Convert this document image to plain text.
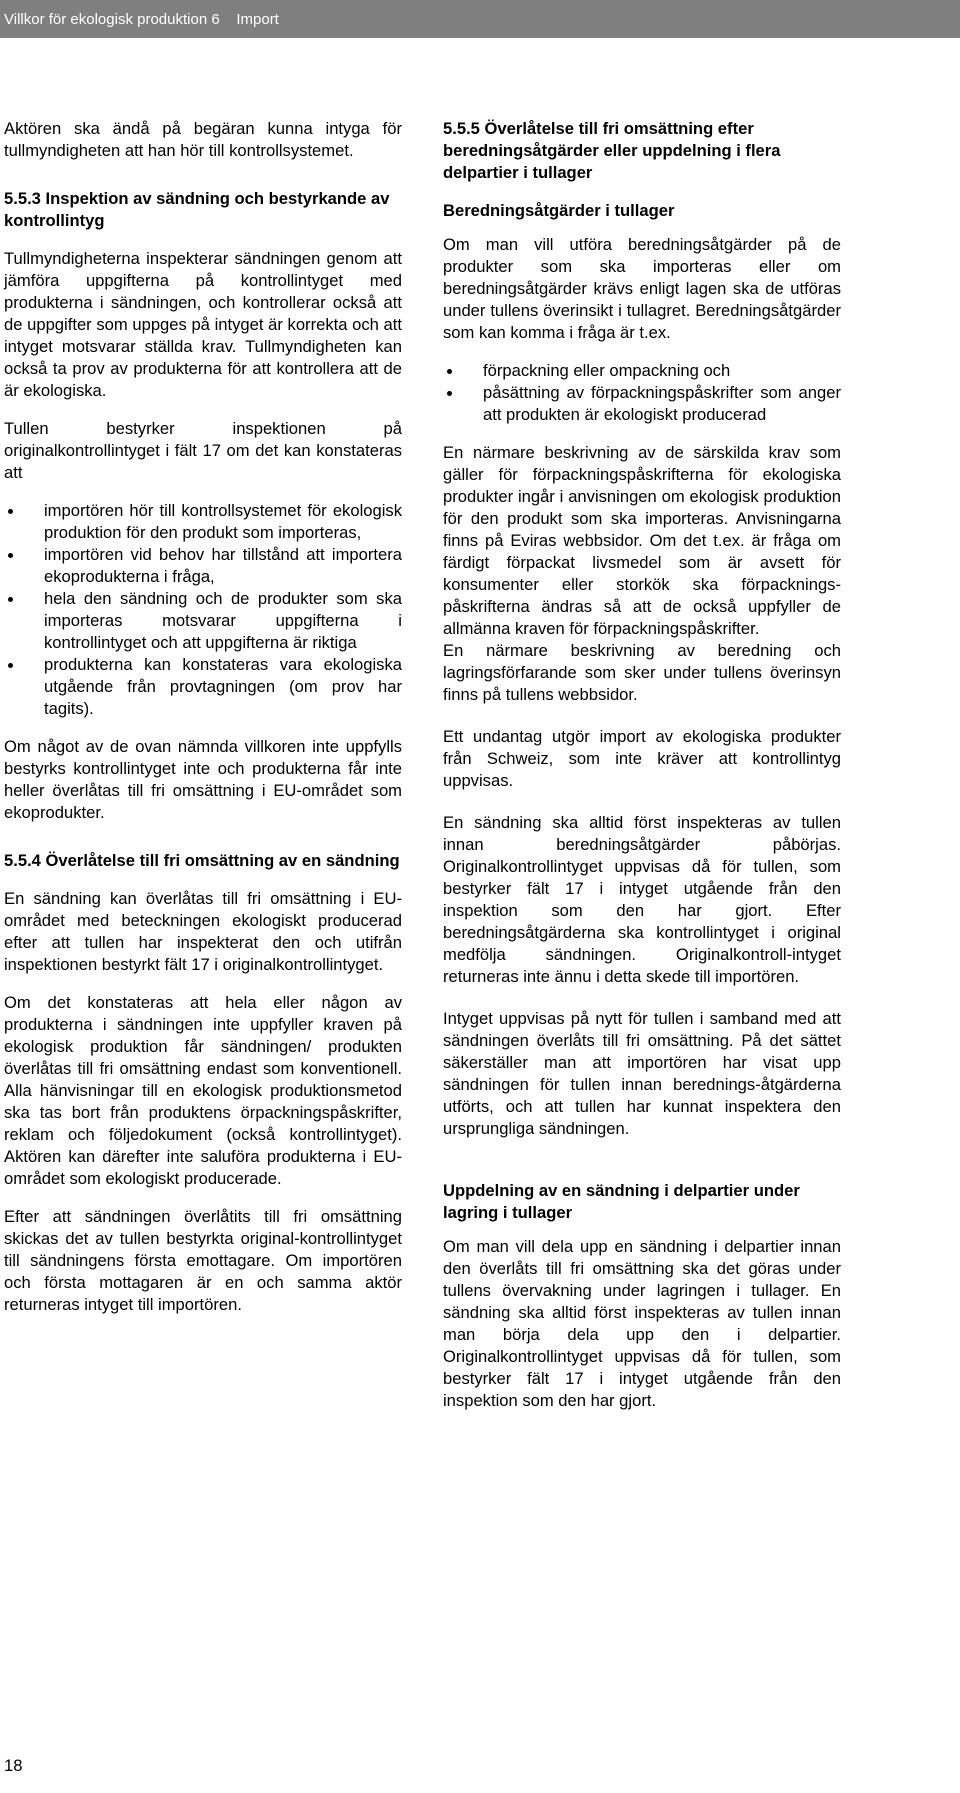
Villkor för ekologisk produktion 6
Import

Aktören ska ändå på begäran kunna intyga för tullmyndigheten att han hör till kontrollsystemet.

5.5.3 Inspektion av sändning och bestyrkande av kontrollintyg

Tullmyndigheterna inspekterar sändningen genom att jämföra uppgifterna på kontrollintyget med produkterna i sändningen, och kontrollerar också att de uppgifter som uppges på intyget är korrekta och att intyget motsvarar ställda krav. Tullmyndigheten kan också ta prov av produkterna för att kontrollera att de är ekologiska.

Tullen bestyrker inspektionen på originalkontrollintyget i fält 17 om det kan konstateras att

importören hör till kontrollsystemet för ekologisk produktion för den produkt som importeras,
importören vid behov har tillstånd att importera ekoprodukterna i fråga,
hela den sändning och de produkter som ska importeras motsvarar uppgifterna i kontrollintyget och att uppgifterna är riktiga
produkterna kan konstateras vara ekologiska utgående från provtagningen (om prov har tagits).

Om något av de ovan nämnda villkoren inte uppfylls bestyrks kontrollintyget inte och produkterna får inte heller överlåtas till fri omsättning i EU-området som ekoprodukter.

5.5.4 Överlåtelse till fri omsättning av en sändning

En sändning kan överlåtas till fri omsättning i EU-området med beteckningen ekologiskt producerad efter att tullen har inspekterat den och utifrån inspektionen bestyrkt fält 17 i originalkontrollintyget.

Om det konstateras att hela eller någon av produkterna i sändningen inte uppfyller kraven på ekologisk produktion får sändningen/ produkten överlåtas till fri omsättning endast som konventionell. Alla hänvisningar till en ekologisk produktionsmetod ska tas bort från produktens örpackningspåskrifter, reklam och följedokument (också kontrollintyget). Aktören kan därefter inte saluföra produkterna i EU-området som ekologiskt producerade.

Efter att sändningen överlåtits till fri omsättning skickas det av tullen bestyrkta original-kontrollintyget till sändningens första emottagare. Om importören och första mottagaren är en och samma aktör returneras intyget till importören.

5.5.5 Överlåtelse till fri omsättning efter beredningsåtgärder eller uppdelning i flera delpartier i tullager
Beredningsåtgärder i tullager

Om man vill utföra beredningsåtgärder på de produkter som ska importeras eller om beredningsåtgärder krävs enligt lagen ska de utföras under tullens överinsikt i tullagret. Beredningsåtgärder som kan komma i fråga är t.ex.

förpackning eller ompackning och
påsättning av förpackningspåskrifter som anger att produkten är ekologiskt producerad

En närmare beskrivning av de särskilda krav som gäller för förpackningspåskrifterna för ekologiska produkter ingår i anvisningen om ekologisk produktion för den produkt som ska importeras. Anvisningarna finns på Eviras webbsidor. Om det t.ex. är fråga om färdigt förpackat livsmedel som är avsett för konsumenter eller storkök ska förpacknings-påskrifterna ändras så att de också uppfyller de allmänna kraven för förpackningspåskrifter.

En närmare beskrivning av beredning och lagringsförfarande som sker under tullens överinsyn finns på tullens webbsidor.

Ett undantag utgör import av ekologiska produkter från Schweiz, som inte kräver att kontrollintyg uppvisas.

En sändning ska alltid först inspekteras av tullen innan beredningsåtgärder påbörjas. Originalkontrollintyget uppvisas då för tullen, som bestyrker fält 17 i intyget utgående från den inspektion som den har gjort. Efter beredningsåtgärderna ska kontrollintyget i original medfölja sändningen. Originalkontroll-intyget returneras inte ännu i detta skede till importören.

Intyget uppvisas på nytt för tullen i samband med att sändningen överlåts till fri omsättning. På det sättet säkerställer man att importören har visat upp sändningen för tullen innan berednings-åtgärderna utförts, och att tullen har kunnat inspektera den ursprungliga sändningen.

Uppdelning av en sändning i delpartier under lagring i tullager

Om man vill dela upp en sändning i delpartier innan den överlåts till fri omsättning ska det göras under tullens övervakning under lagringen i tullager. En sändning ska alltid först inspekteras av tullen innan man börja dela upp den i delpartier. Originalkontrollintyget uppvisas då för tullen, som bestyrker fält 17 i intyget utgående från den inspektion som den har gjort.

18
